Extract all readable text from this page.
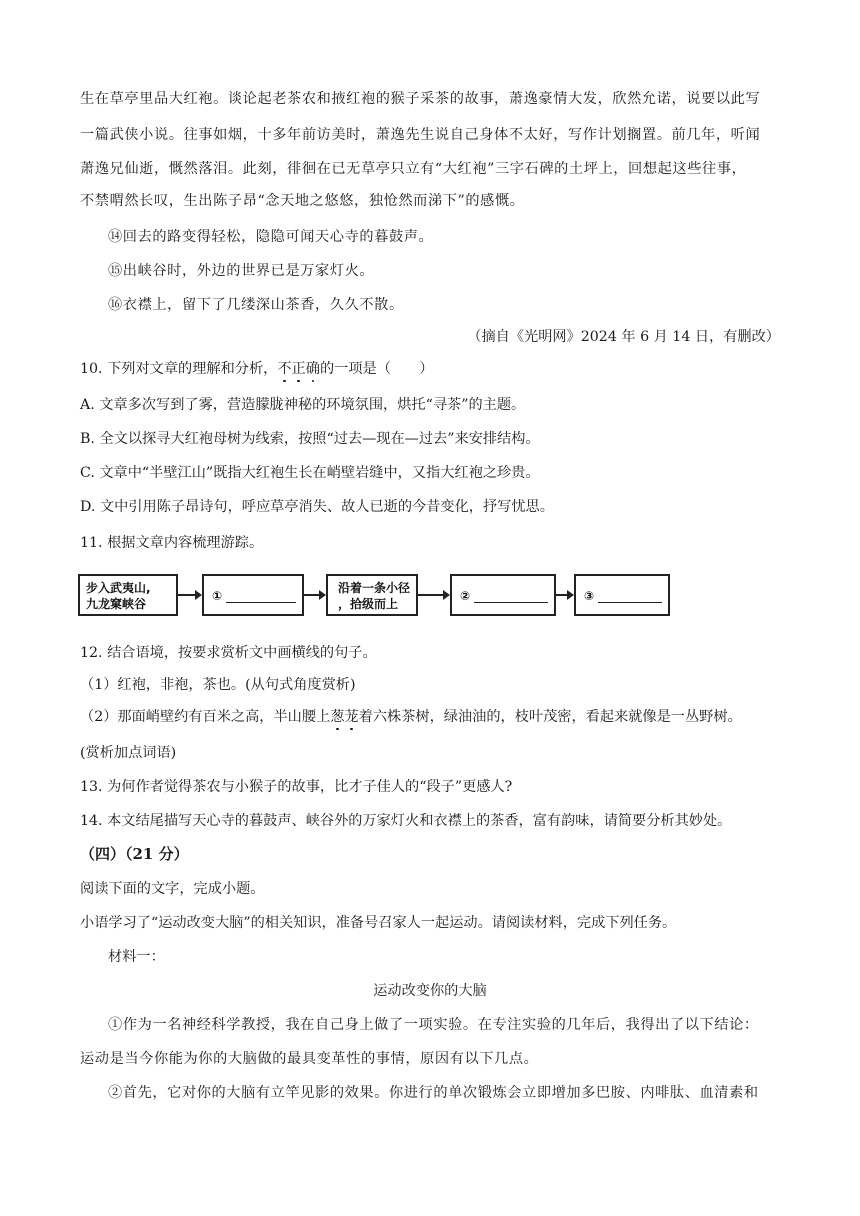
生在草亭里品大红袍。谈论起老茶农和掖红袍的猴子采茶的故事，萧逸豪情大发，欣然允诺，说要以此写
一篇武侠小说。往事如烟，十多年前访美时，萧逸先生说自己身体不太好，写作计划搁置。前几年，听闻
萧逸兄仙逝，慨然落泪。此刻，徘徊在已无草亭只立有“大红袍”三字石碑的土坪上，回想起这些往事，
不禁喟然长叹，生出陈子昂“念天地之悠悠，独怆然而涕下”的感慨。
⑭回去的路变得轻松，隐隐可闻天心寺的暮鼓声。
⑮出峡谷时，外边的世界已是万家灯火。
⑯衣襟上，留下了几缕深山茶香，久久不散。
（摘自《光明网》2024 年 6 月 14 日，有删改）
10. 下列对文章的理解和分析，不正确的一项是（　　）
A. 文章多次写到了雾，营造朦胧神秘的环境氛围，烘托“寻茶”的主题。
B. 全文以探寻大红袍母树为线索，按照“过去—现在—过去”来安排结构。
C. 文章中“半壁江山”既指大红袍生长在峭壁岩缝中，又指大红袍之珍贵。
D. 文中引用陈子昂诗句，呼应草亭消失、故人已逝的今昔变化，抒写忧思。
11. 根据文章内容梳理游踪。
步入武夷山,
九龙窠峡谷
①
沿着一条小径
，拾级而上
②	③
12. 结合语境，按要求赏析文中画横线的句子。
（1）红袍，非袍，茶也。(从句式角度赏析)
（2）那面峭壁约有百米之高，半山腰上葱茏着六株茶树，绿油油的，枝叶茂密，看起来就像是一丛野树。
(赏析加点词语)
13. 为何作者觉得茶农与小猴子的故事，比才子佳人的“段子”更感人?
14. 本文结尾描写天心寺的暮鼓声、峡谷外的万家灯火和衣襟上的茶香，富有韵味，请简要分析其妙处。
（四）（21 分）
阅读下面的文字，完成小题。
小语学习了“运动改变大脑”的相关知识，准备号召家人一起运动。请阅读材料，完成下列任务。
材料一：
运动改变你的大脑
①作为一名神经科学教授，我在自己身上做了一项实验。在专注实验的几年后，我得出了以下结论：
运动是当今你能为你的大脑做的最具变革性的事情，原因有以下几点。
②首先，它对你的大脑有立竿见影的效果。你进行的单次锻炼会立即增加多巴胺、内啡肽、血清素和
